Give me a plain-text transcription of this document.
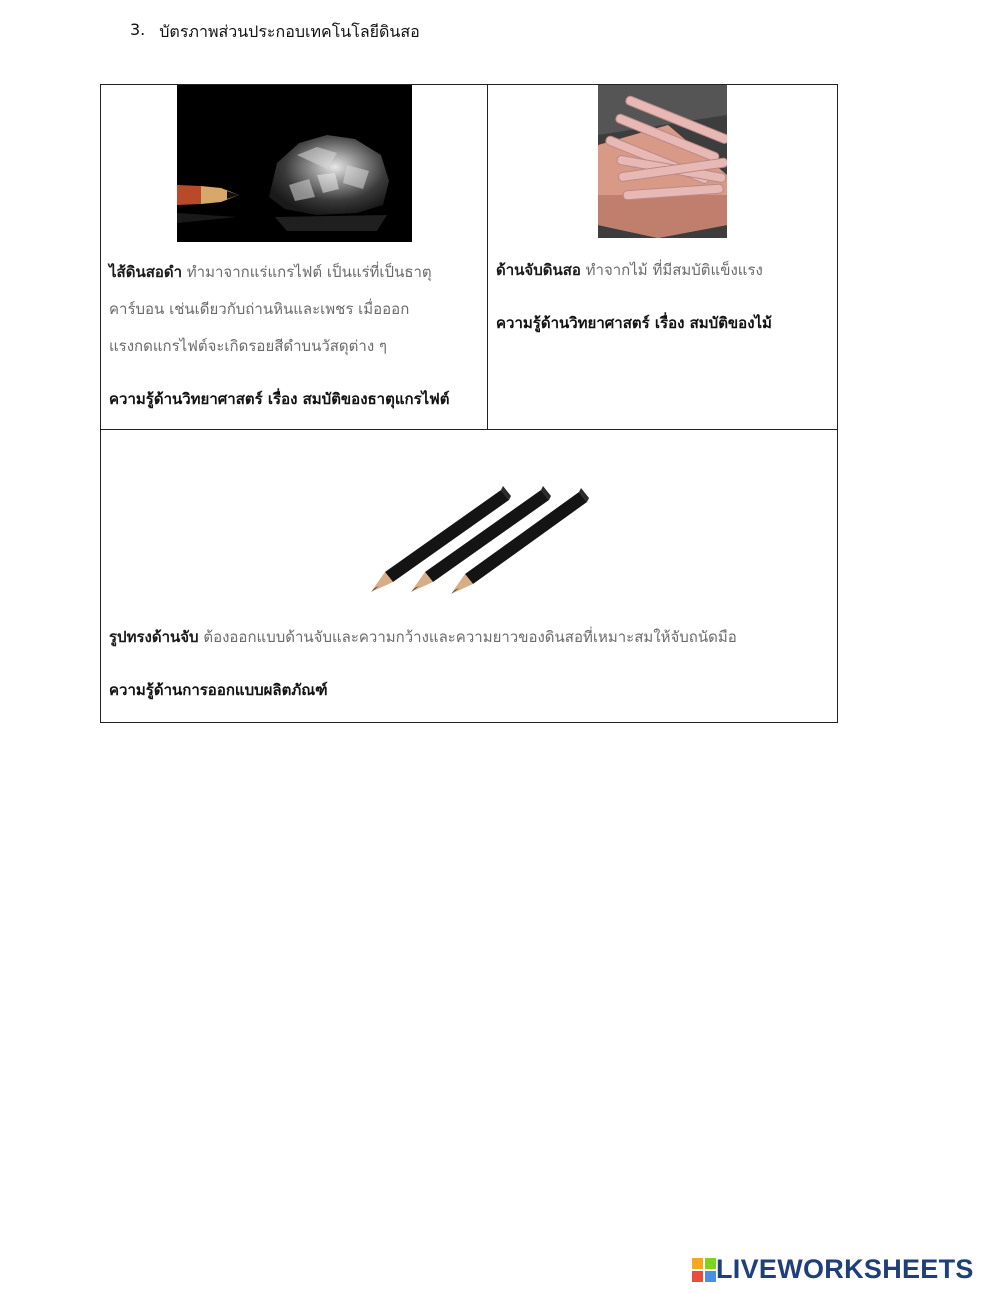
3. บัตรภาพส่วนประกอบเทคโนโลยีดินสอ
ไส้ดินสอดำ ทำมาจากแร่แกรไฟต์ เป็นแร่ที่เป็นธาตุ
คาร์บอน เช่นเดียวกับถ่านหินและเพชร เมื่อออก
แรงกดแกรไฟต์จะเกิดรอยสีดำบนวัสดุต่าง ๆ
ความรู้ด้านวิทยาศาสตร์ เรื่อง สมบัติของธาตุแกรไฟต์
ด้านจับดินสอ ทำจากไม้ ที่มีสมบัติแข็งแรง
ความรู้ด้านวิทยาศาสตร์ เรื่อง สมบัติของไม้
รูปทรงด้านจับ ต้องออกแบบด้านจับและความกว้างและความยาวของดินสอที่เหมาะสมให้จับถนัดมือ
ความรู้ด้านการออกแบบผลิตภัณฑ์
LIVEWORKSHEETS
